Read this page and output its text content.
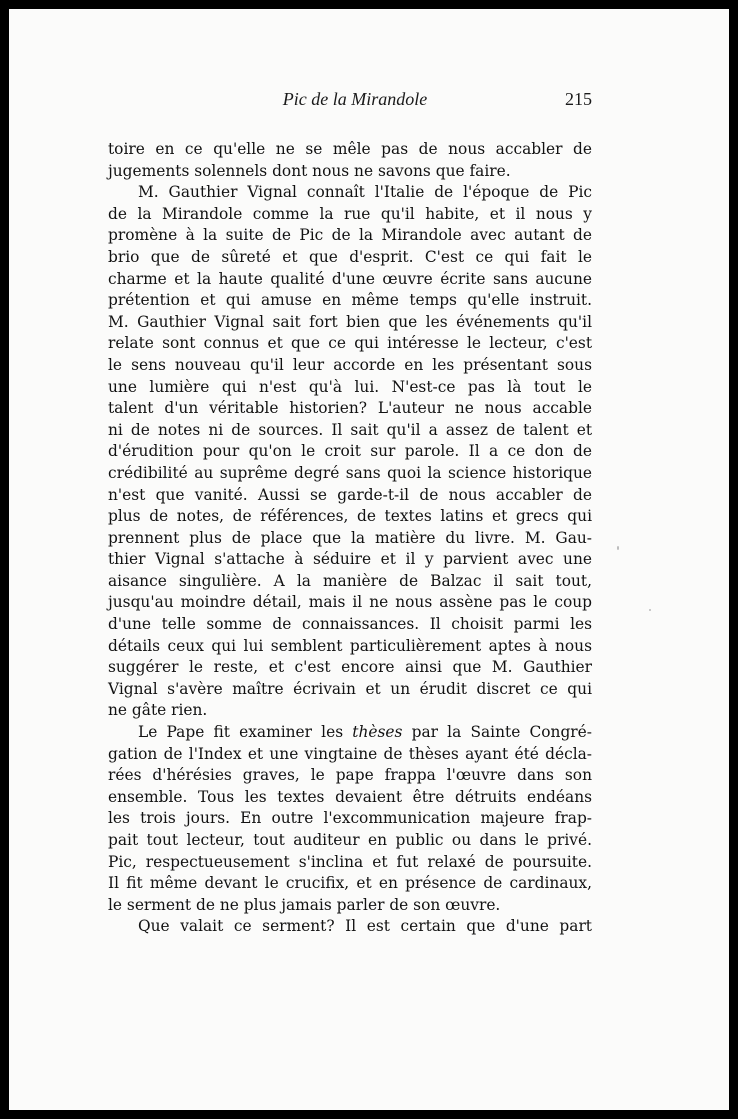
Pic de la Mirandole	215
toire en ce qu'elle ne se mêle pas de nous accabler de
jugements solennels dont nous ne savons que faire.
M. Gauthier Vignal connaît l'Italie de l'époque de Pic
de la Mirandole comme la rue qu'il habite, et il nous y
promène à la suite de Pic de la Mirandole avec autant de
brio que de sûreté et que d'esprit. C'est ce qui fait le
charme et la haute qualité d'une œuvre écrite sans aucune
prétention et qui amuse en même temps qu'elle instruit.
M. Gauthier Vignal sait fort bien que les événements qu'il
relate sont connus et que ce qui intéresse le lecteur, c'est
le sens nouveau qu'il leur accorde en les présentant sous
une lumière qui n'est qu'à lui. N'est-ce pas là tout le
talent d'un véritable historien? L'auteur ne nous accable
ni de notes ni de sources. Il sait qu'il a assez de talent et
d'érudition pour qu'on le croit sur parole. Il a ce don de
crédibilité au suprême degré sans quoi la science historique
n'est que vanité. Aussi se garde-t-il de nous accabler de
plus de notes, de références, de textes latins et grecs qui
prennent plus de place que la matière du livre. M. Gau-
thier Vignal s'attache à séduire et il y parvient avec une
aisance singulière. A la manière de Balzac il sait tout,
jusqu'au moindre détail, mais il ne nous assène pas le coup
d'une telle somme de connaissances. Il choisit parmi les
détails ceux qui lui semblent particulièrement aptes à nous
suggérer le reste, et c'est encore ainsi que M. Gauthier
Vignal s'avère maître écrivain et un érudit discret ce qui
ne gâte rien.
Le Pape fit examiner les thèses par la Sainte Congré-
gation de l'Index et une vingtaine de thèses ayant été décla-
rées d'hérésies graves, le pape frappa l'œuvre dans son
ensemble. Tous les textes devaient être détruits endéans
les trois jours. En outre l'excommunication majeure frap-
pait tout lecteur, tout auditeur en public ou dans le privé.
Pic, respectueusement s'inclina et fut relaxé de poursuite.
Il fit même devant le crucifix, et en présence de cardinaux,
le serment de ne plus jamais parler de son œuvre.
Que valait ce serment? Il est certain que d'une part
